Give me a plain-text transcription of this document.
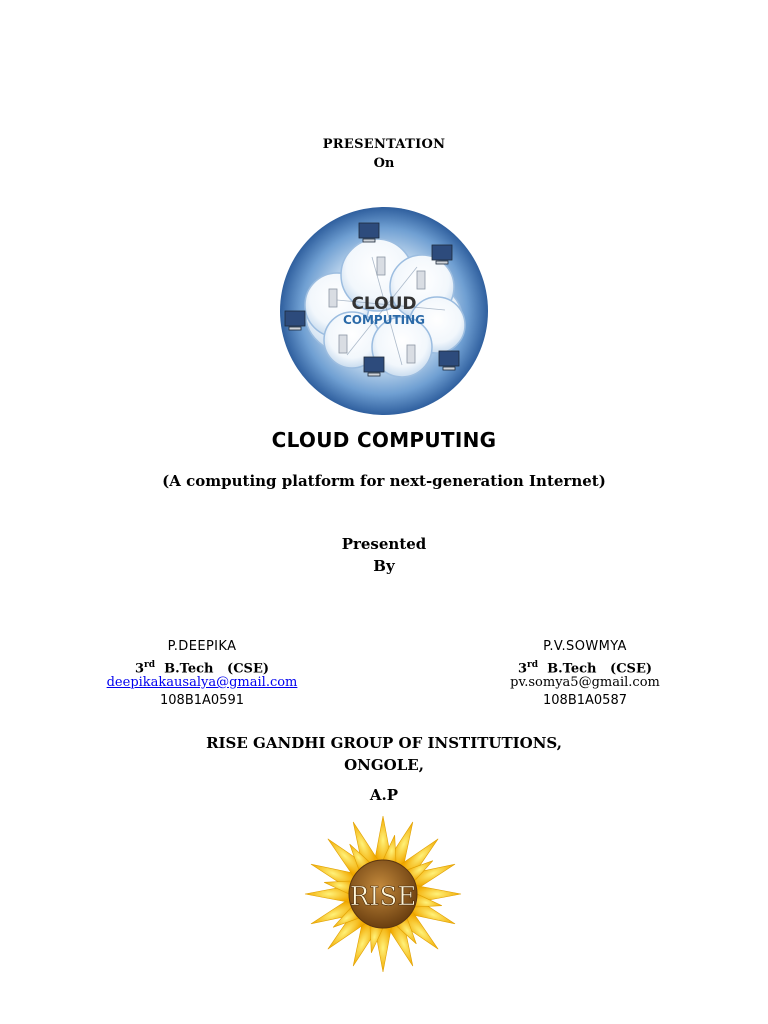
PRESENTATION
On
CLOUD
COMPUTING
CLOUD COMPUTING
(A computing platform for next-generation Internet)
Presented
By
P.DEEPIKA
3rd B.Tech   (CSE)
deepikakausalya@gmail.com
108B1A0591
P.V.SOWMYA
3rd B.Tech   (CSE)
pv.somya5@gmail.com
108B1A0587
RISE GANDHI GROUP OF INSTITUTIONS,
ONGOLE,
A.P
RISE
